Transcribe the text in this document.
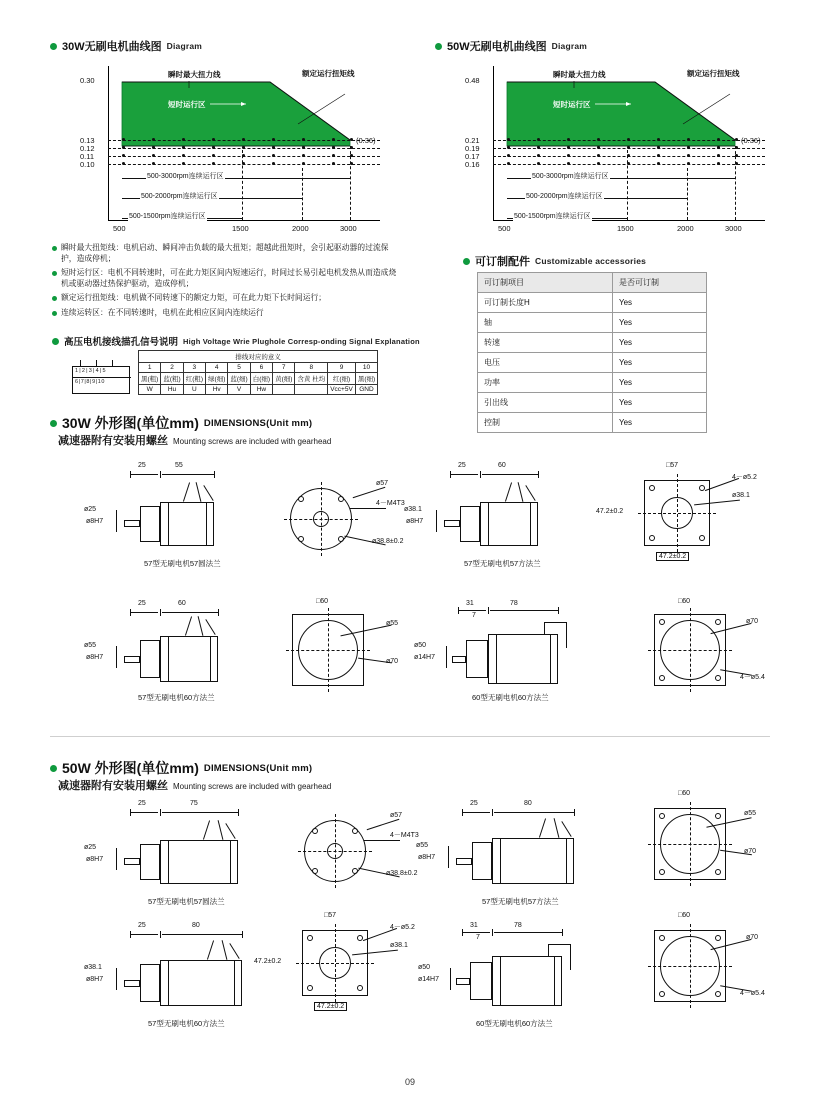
30W无刷电机曲线图 Diagram
0.30
0.13
0.12
0.11
0.10
瞬时最大扭力线	额定运行扭矩线
短时运行区
(0.36)
500-3000rpm连续运行区
500-2000rpm连续运行区
500-1500rpm连续运行区
500	1500	2000	3000
50W无刷电机曲线图 Diagram
0.48
0.21
0.19
0.17
0.16
瞬时最大扭力线	额定运行扭矩线
短时运行区
(0.36)
500-3000rpm连续运行区
500-2000rpm连续运行区
500-1500rpm连续运行区
500	1500	2000	3000
瞬时最大扭矩线：电机启动、瞬间冲击负载的最大扭矩；超越此扭矩时，会引起驱动器的过流保护，造成停机；
短时运行区：电机不同转速时，可在此力矩区间内短速运行，时间过长易引起电机发热从而造成烧机或驱动器过热保护驱动，造成停机；
额定运行扭矩线：电机做不同转速下的额定力矩，可在此力矩下长时间运行；
连续运转区：在不同转速时，电机在此相应区间内连续运行
高压电机接线描孔信号说明 High Voltage Wrie Plughole Corresp-onding Signal Explanation
排线对应的意义									
1	2	3	4	5	6	7	8	9	10
黑(粗)	蓝(粗)	红(粗)	绿(细)	蓝(细)	白(细)	黄(细)	含黄 杜均	红(细)	黑(细)
W	Hu	U	Hv	V	Hw			Vcc+5V	GND
1|2|3|4|5
6|7|8|9|10
可订制配件 Customizable accessories
可订制项目	是否可订制
可订制长度H	Yes
轴	Yes
转速	Yes
电压	Yes
功率	Yes
引出线	Yes
控制	Yes
30W 外形图(单位mm) DIMENSIONS(Unit mm)
减速器附有安装用螺丝 Mounting screws are included with gearhead
25	55
ø25
ø8H7
57型无刷电机57圆法兰
ø57
4－M4T3
ø38.8±0.2
25	60
ø38.1
ø8H7
57型无刷电机57方法兰
□57
4－ø5.2
ø38.1
47.2±0.2
47.2±0.2
25	60
ø55
ø8H7
57型无刷电机60方法兰
□60
ø55
ø70
31	78
7
ø50
ø14H7
60型无刷电机60方法兰
□60
ø70
4－ø5.4
50W 外形图(单位mm) DIMENSIONS(Unit mm)
减速器附有安装用螺丝 Mounting screws are included with gearhead
25	75
ø25
ø8H7
57型无刷电机57圆法兰
ø57
4－M4T3
ø38.8±0.2
25	80
ø55
ø8H7
57型无刷电机57方法兰
□60
ø55
ø70
25	80
ø38.1
ø8H7
57型无刷电机60方法兰
□57
4－ø5.2
ø38.1
47.2±0.2
47.2±0.2
31	78
7
ø50
ø14H7
60型无刷电机60方法兰
□60
ø70
4－ø5.4
09
